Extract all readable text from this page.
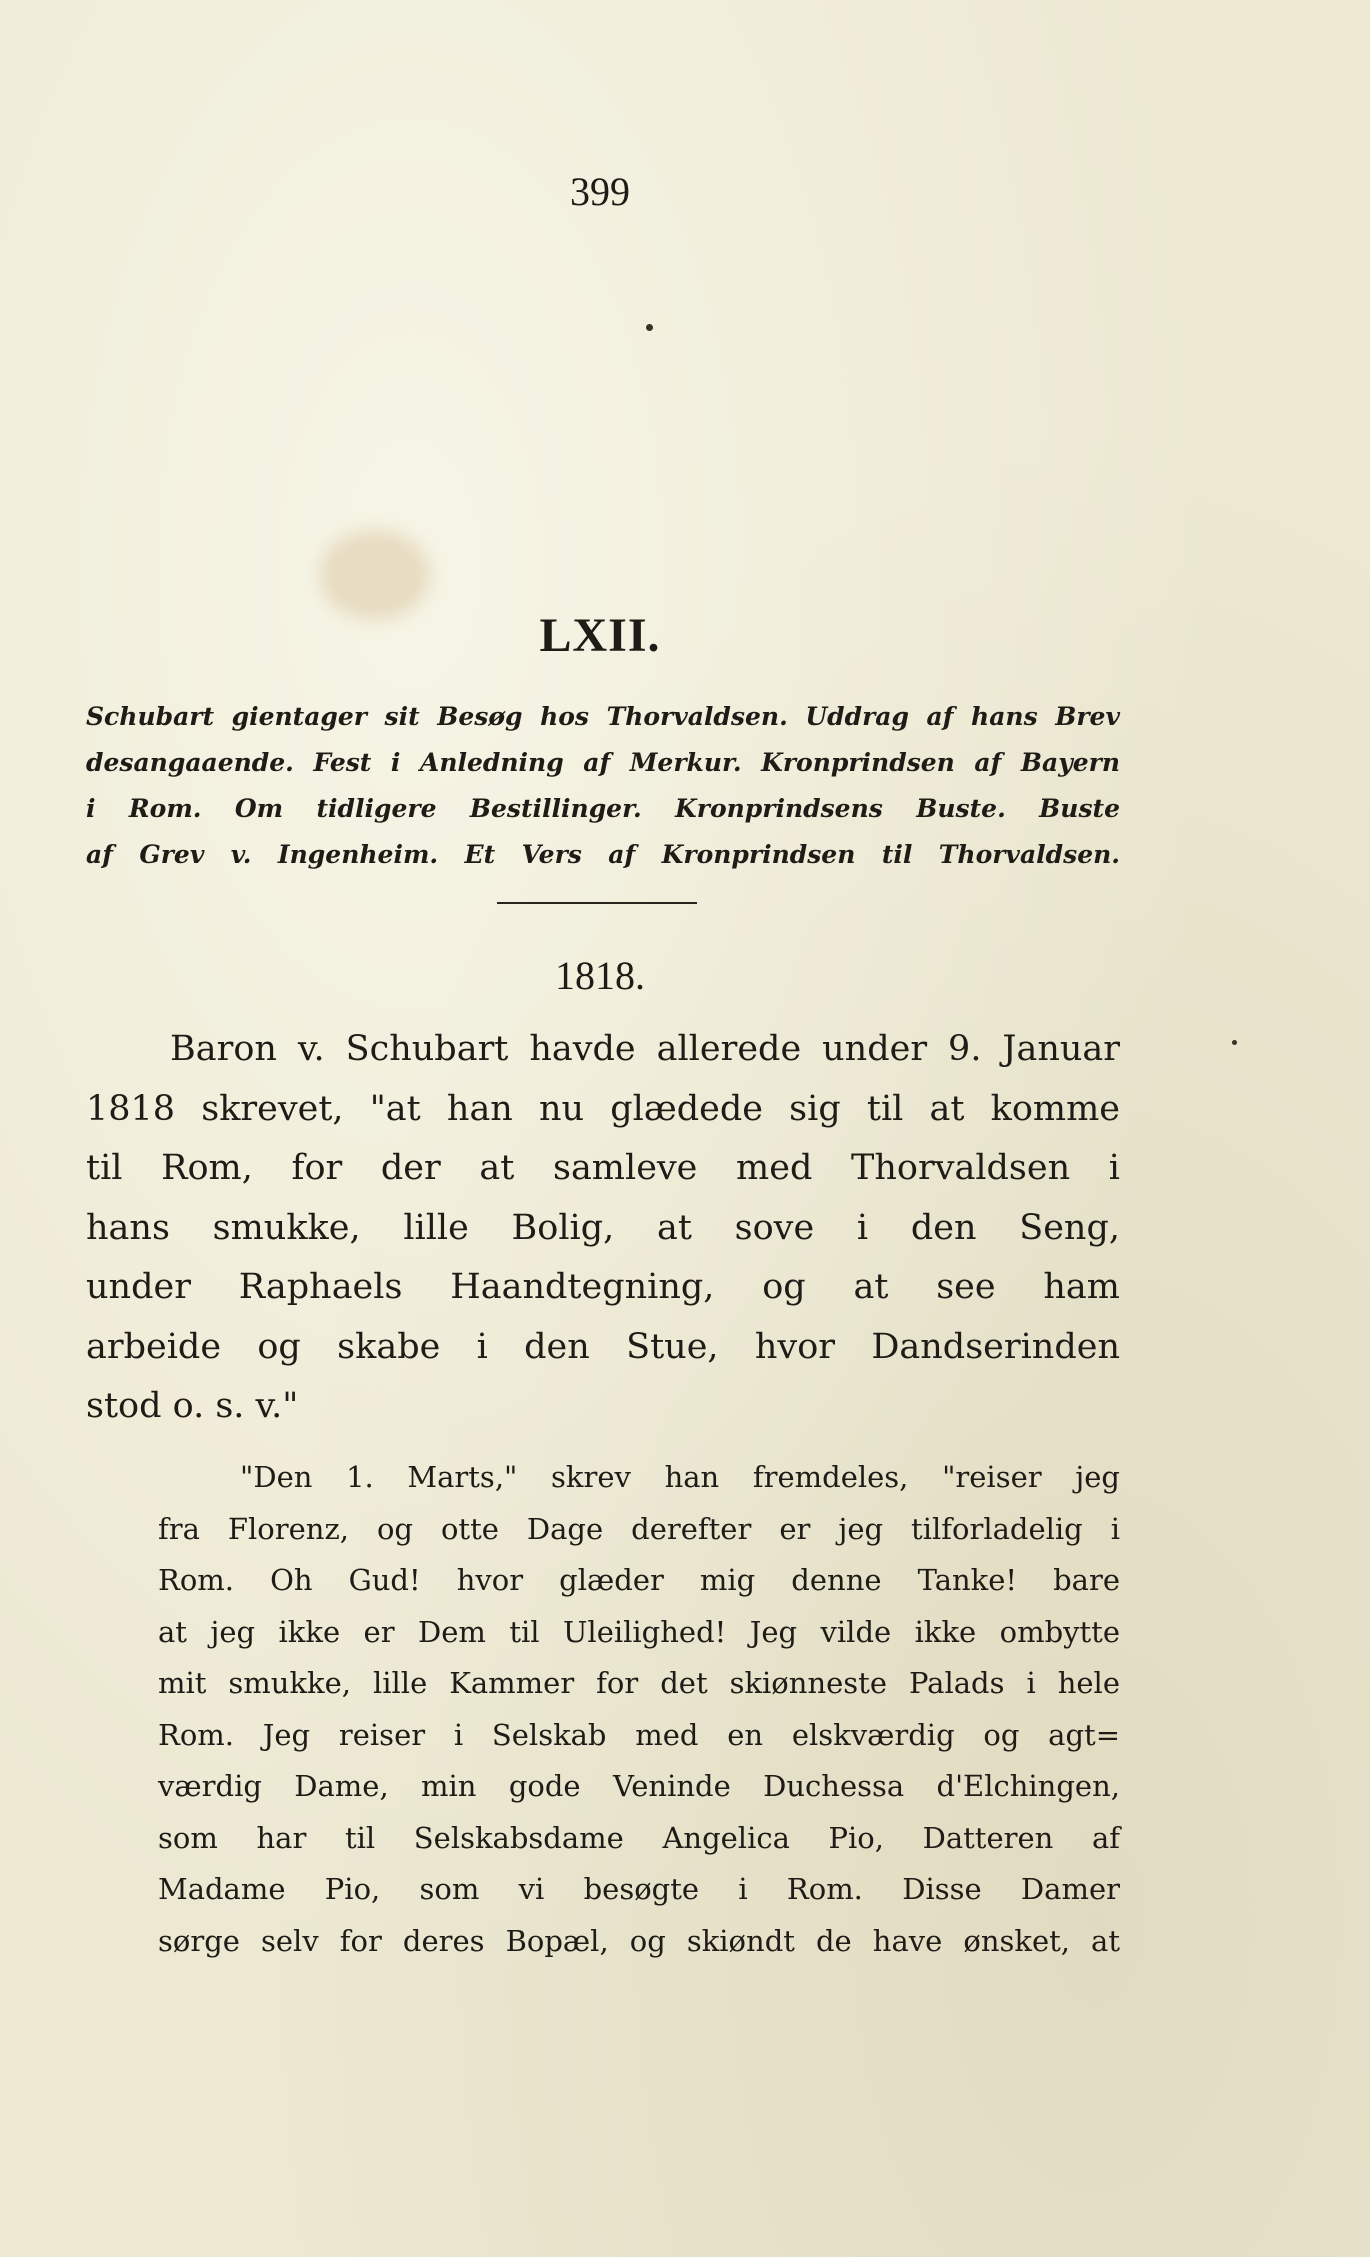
399
LXII.
Schubart gientager sit Besøg hos Thorvaldsen. Uddrag af hans Brev
desangaaende. Fest i Anledning af Merkur. Kronprindsen af Bayern
i Rom. Om tidligere Bestillinger. Kronprindsens Buste. Buste
af Grev v. Ingenheim. Et Vers af Kronprindsen til Thorvaldsen.
1818.
Baron v. Schubart havde allerede under 9. Januar
1818 skrevet, "at han nu glædede sig til at komme
til Rom, for der at samleve med Thorvaldsen i
hans smukke, lille Bolig, at sove i den Seng,
under Raphaels Haandtegning, og at see ham
arbeide og skabe i den Stue, hvor Dandserinden
stod o. s. v."
"Den 1. Marts," skrev han fremdeles, "reiser jeg
fra Florenz, og otte Dage derefter er jeg tilforladelig i
Rom. Oh Gud! hvor glæder mig denne Tanke! bare
at jeg ikke er Dem til Uleilighed! Jeg vilde ikke ombytte
mit smukke, lille Kammer for det skiønneste Palads i hele
Rom. Jeg reiser i Selskab med en elskværdig og agt=
værdig Dame, min gode Veninde Duchessa d'Elchingen,
som har til Selskabsdame Angelica Pio, Datteren af
Madame Pio, som vi besøgte i Rom. Disse Damer
sørge selv for deres Bopæl, og skiøndt de have ønsket, at
